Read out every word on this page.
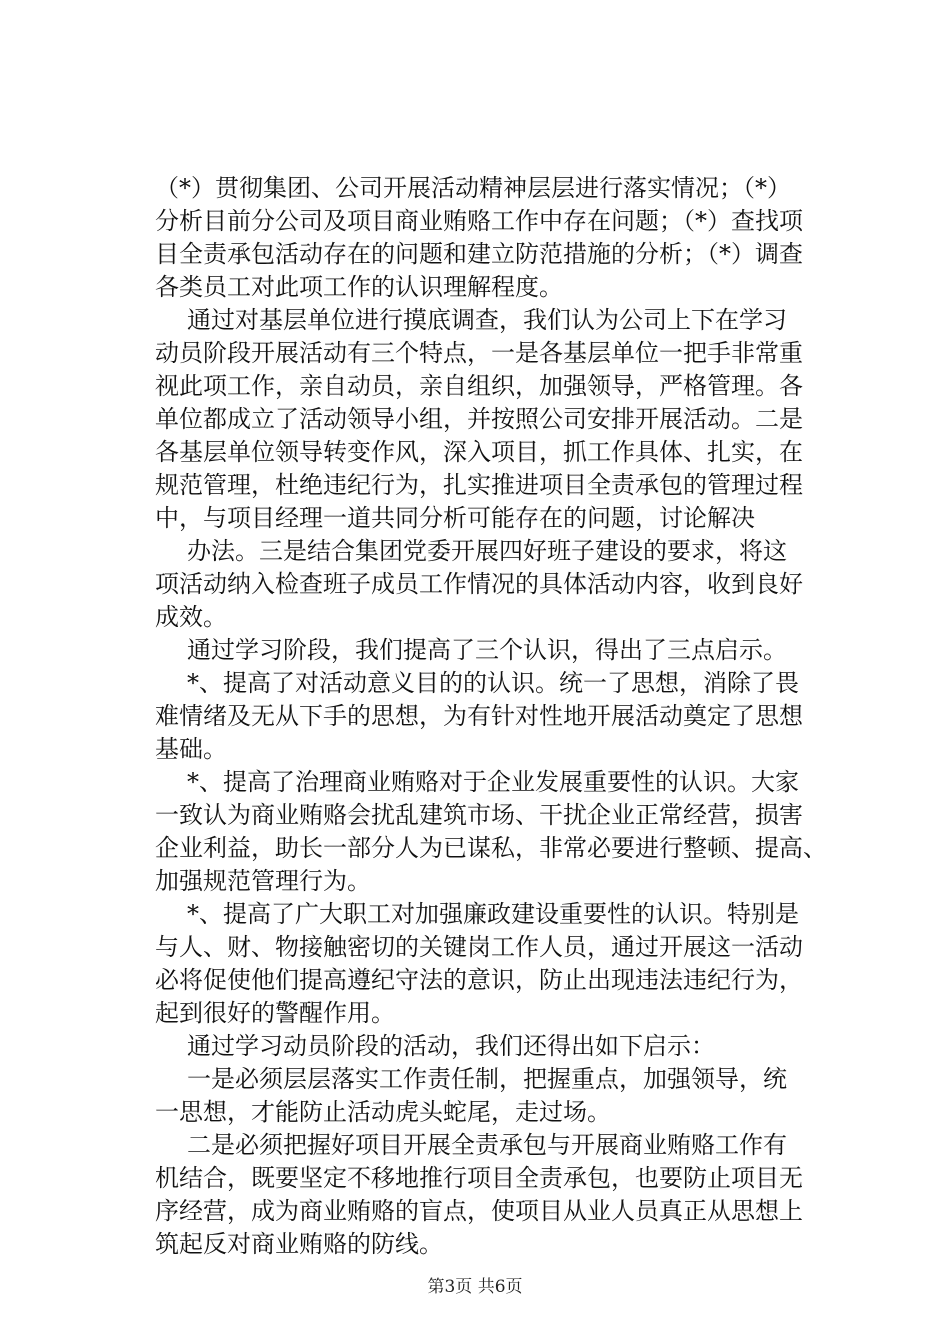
（*）贯彻集团、公司开展活动精神层层进行落实情况；（*）
分析目前分公司及项目商业贿赂工作中存在问题；（*）查找项
目全责承包活动存在的问题和建立防范措施的分析；（*）调查
各类员工对此项工作的认识理解程度。
通过对基层单位进行摸底调查，我们认为公司上下在学习
动员阶段开展活动有三个特点，一是各基层单位一把手非常重
视此项工作，亲自动员，亲自组织，加强领导，严格管理。各
单位都成立了活动领导小组，并按照公司安排开展活动。二是
各基层单位领导转变作风，深入项目，抓工作具体、扎实，在
规范管理，杜绝违纪行为，扎实推进项目全责承包的管理过程
中，与项目经理一道共同分析可能存在的问题，讨论解决
办法。三是结合集团党委开展四好班子建设的要求，将这
项活动纳入检查班子成员工作情况的具体活动内容，收到良好
成效。
通过学习阶段，我们提高了三个认识，得出了三点启示。
*、提高了对活动意义目的的认识。统一了思想，消除了畏
难情绪及无从下手的思想，为有针对性地开展活动奠定了思想
基础。
*、提高了治理商业贿赂对于企业发展重要性的认识。大家
一致认为商业贿赂会扰乱建筑市场、干扰企业正常经营，损害
企业利益，助长一部分人为已谋私，非常必要进行整顿、提高、
加强规范管理行为。
*、提高了广大职工对加强廉政建设重要性的认识。特别是
与人、财、物接触密切的关键岗工作人员，通过开展这一活动
必将促使他们提高遵纪守法的意识，防止出现违法违纪行为，
起到很好的警醒作用。
通过学习动员阶段的活动，我们还得出如下启示：
一是必须层层落实工作责任制，把握重点，加强领导，统
一思想，才能防止活动虎头蛇尾，走过场。
二是必须把握好项目开展全责承包与开展商业贿赂工作有
机结合，既要坚定不移地推行项目全责承包，也要防止项目无
序经营，成为商业贿赂的盲点，使项目从业人员真正从思想上
筑起反对商业贿赂的防线。
第3页 共6页
